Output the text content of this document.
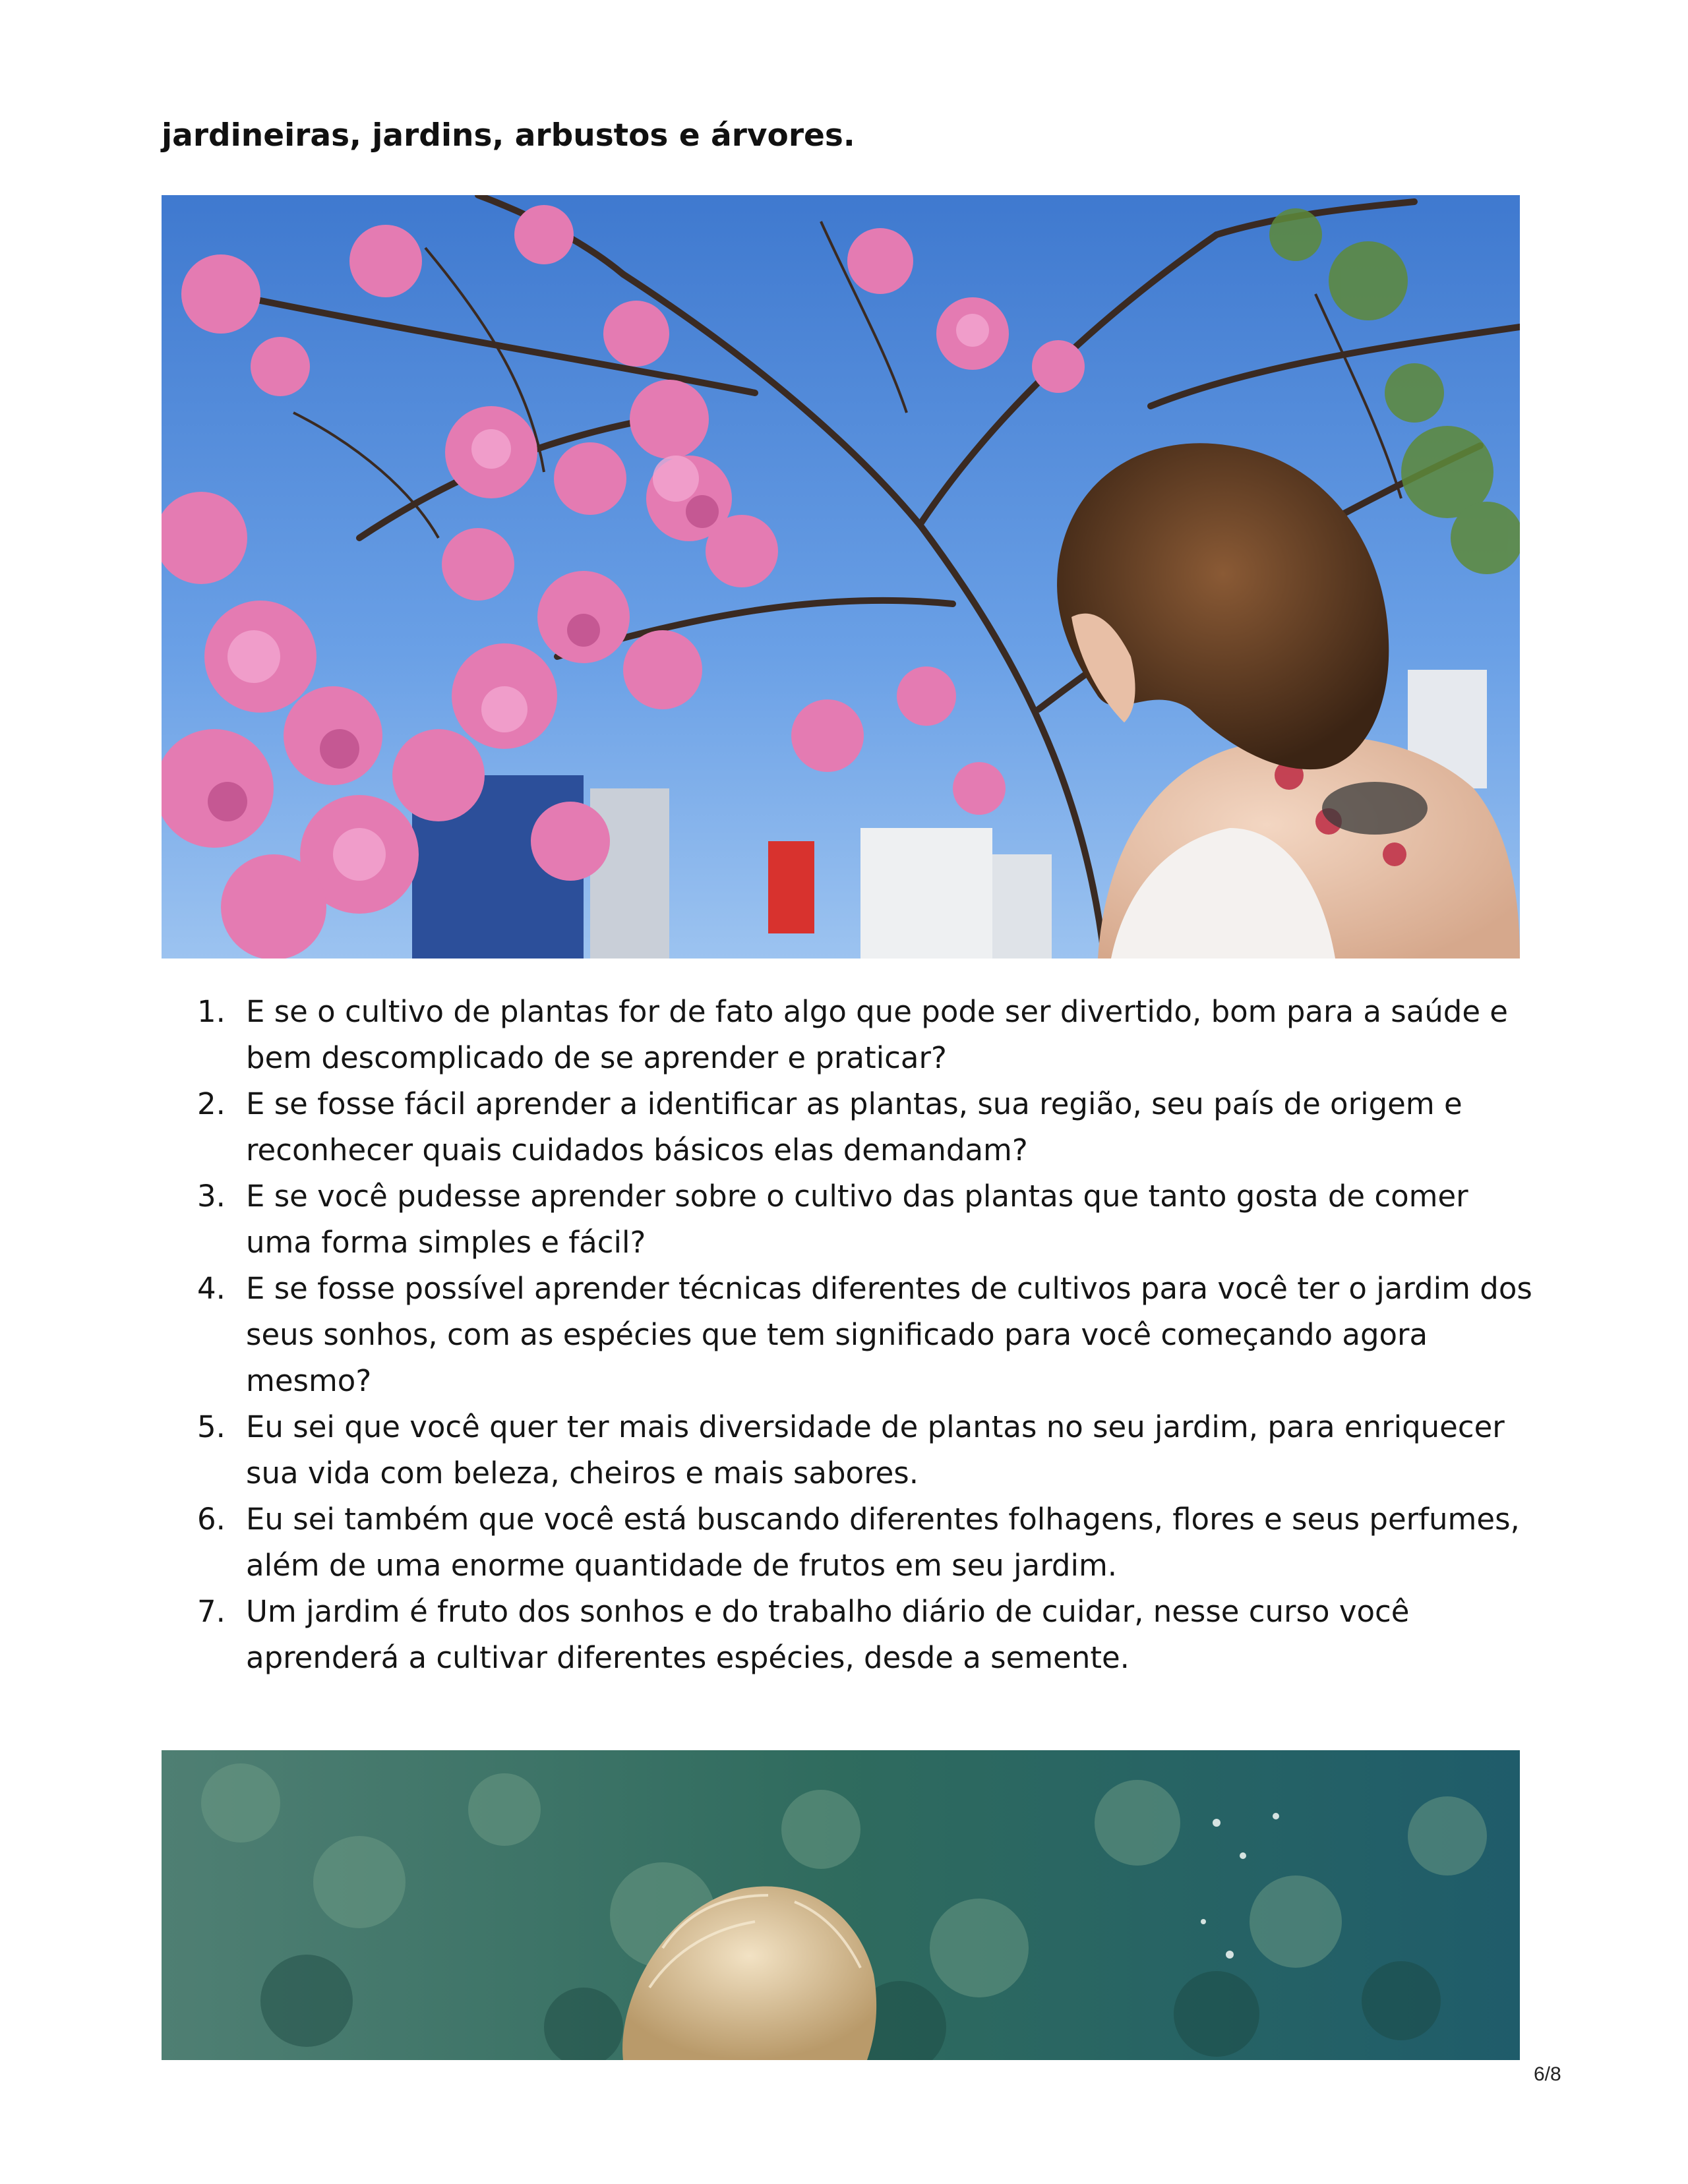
jardineiras, jardins, arbustos e árvores.
1. E se o cultivo de plantas for de fato algo que pode ser divertido, bom para a saúde e
bem descomplicado de se aprender e praticar?
2. E se fosse fácil aprender a identificar as plantas, sua região, seu país de origem e
reconhecer quais cuidados básicos elas demandam?
3. E se você pudesse aprender sobre o cultivo das plantas que tanto gosta de comer
uma forma simples e fácil?
4. E se fosse possível aprender técnicas diferentes de cultivos para você ter o jardim dos
seus sonhos, com as espécies que tem significado para você começando agora
mesmo?
5. Eu sei que você quer ter mais diversidade de plantas no seu jardim, para enriquecer
sua vida com beleza, cheiros e mais sabores.
6. Eu sei também que você está buscando diferentes folhagens, flores e seus perfumes,
além de uma enorme quantidade de frutos em seu jardim.
7. Um jardim é fruto dos sonhos e do trabalho diário de cuidar, nesse curso você
aprenderá a cultivar diferentes espécies, desde a semente.
6/8
